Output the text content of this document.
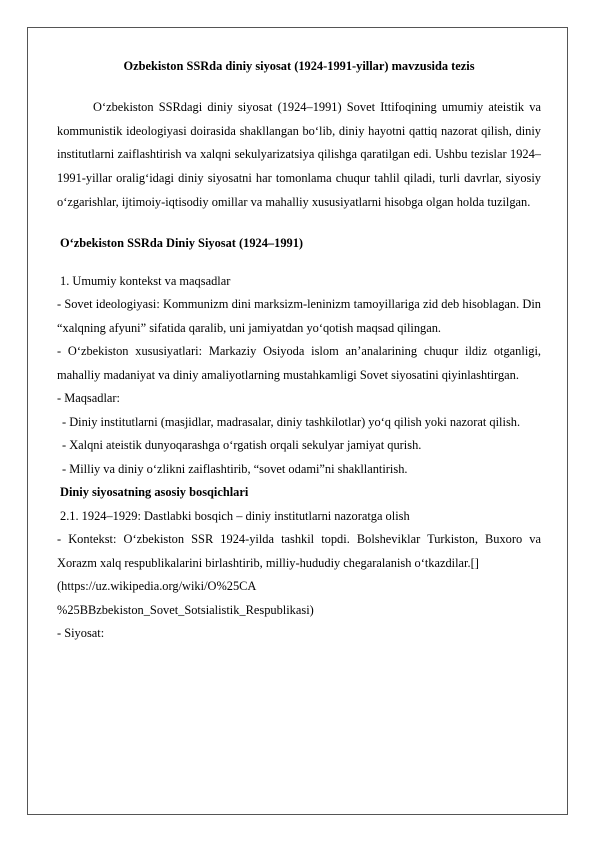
Ozbekiston SSRda diniy siyosat (1924-1991-yillar) mavzusida tezis

O‘zbekiston SSRdagi diniy siyosat (1924–1991) Sovet Ittifoqining umumiy ateistik va kommunistik ideologiyasi doirasida shakllangan bo‘lib, diniy hayotni qattiq nazorat qilish, diniy institutlarni zaiflashtirish va xalqni sekulyarizatsiya qilishga qaratilgan edi. Ushbu tezislar 1924–1991-yillar oralig‘idagi diniy siyosatni har tomonlama chuqur tahlil qiladi, turli davrlar, siyosiy o‘zgarishlar, ijtimoiy-iqtisodiy omillar va mahalliy xususiyatlarni hisobga olgan holda tuzilgan.

O‘zbekiston SSRda Diniy Siyosat (1924–1991)

1. Umumiy kontekst va maqsadlar

- Sovet ideologiyasi: Kommunizm dini marksizm-leninizm tamoyillariga zid deb hisoblagan. Din “xalqning afyuni” sifatida qaralib, uni jamiyatdan yo‘qotish maqsad qilingan.

- O‘zbekiston xususiyatlari: Markaziy Osiyoda islom an’analarining chuqur ildiz otganligi, mahalliy madaniyat va diniy amaliyotlarning mustahkamligi Sovet siyosatini qiyinlashtirgan.

- Maqsadlar:

- Diniy institutlarni (masjidlar, madrasalar, diniy tashkilotlar) yo‘q qilish yoki nazorat qilish.

- Xalqni ateistik dunyoqarashga o‘rgatish orqali sekulyar jamiyat qurish.

- Milliy va diniy o‘zlikni zaiflashtirib, “sovet odami”ni shakllantirish.

Diniy siyosatning asosiy bosqichlari

2.1. 1924–1929: Dastlabki bosqich – diniy institutlarni nazoratga olish

- Kontekst: O‘zbekiston SSR 1924-yilda tashkil topdi. Bolsheviklar Turkiston, Buxoro va Xorazm xalq respublikalarini birlashtirib, milliy-hududiy chegaralanish o‘tkazdilar.[]

(https://uz.wikipedia.org/wiki/O%25CA

%25BBzbekiston_Sovet_Sotsialistik_Respublikasi)

- Siyosat:
